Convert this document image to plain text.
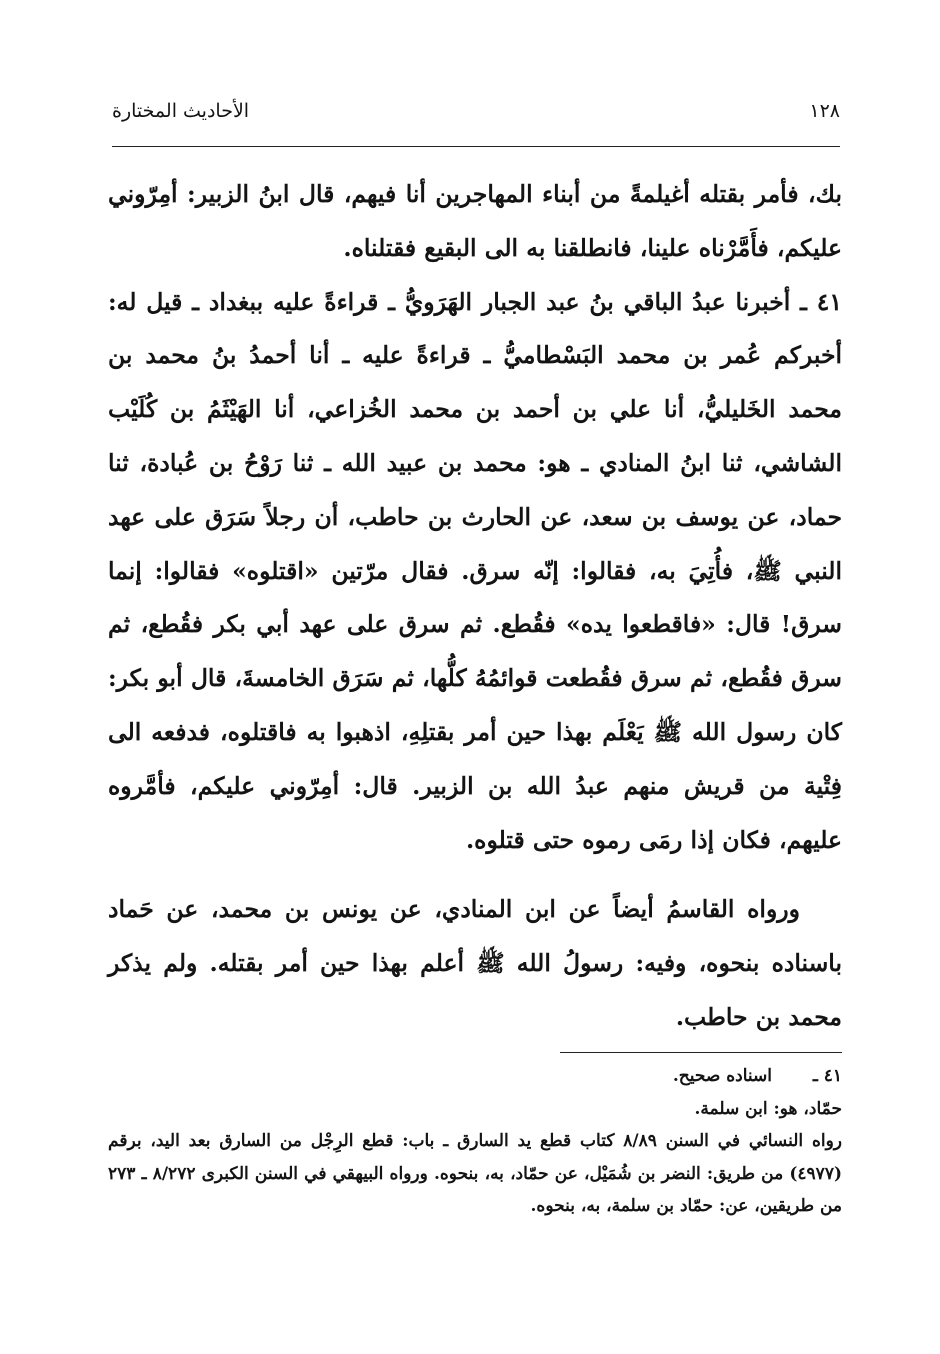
١٢٨
الأحاديث المختارة

بك، فأمر بقتله أغيلمةً من أبناء المهاجرين أنا فيهم، قال ابنُ الزبير: أمِرّوني عليكم، فأَمَّرْناه علينا، فانطلقنا به الى البقيع فقتلناه.

٤١ ـ أخبرنا عبدُ الباقي بنُ عبد الجبار الهَرَويُّ ـ قراءةً عليه ببغداد ـ قيل له: أخبركم عُمر بن محمد البَسْطاميُّ ـ قراءةً عليه ـ أنا أحمدُ بنُ محمد بن محمد الخَليليُّ، أنا علي بن أحمد بن محمد الخُزاعي، أنا الهَيْثَمُ بن كُلَيْب الشاشي، ثنا ابنُ المنادي ـ هو: محمد بن عبيد الله ـ ثنا رَوْحُ بن عُبادة، ثنا حماد، عن يوسف بن سعد، عن الحارث بن حاطب، أن رجلاً سَرَق على عهد النبي ﷺ، فأُتِيَ به، فقالوا: إنّه سرق. فقال مرّتين «اقتلوه» فقالوا: إنما سرق! قال: «فاقطعوا يده» فقُطع. ثم سرق على عهد أبي بكر فقُطع، ثم سرق فقُطع، ثم سرق فقُطعت قوائمُهُ كلُّها، ثم سَرَق الخامسةَ، قال أبو بكر: كان رسول الله ﷺ يَعْلَم بهذا حين أمر بقتلِهِ، اذهبوا به فاقتلوه، فدفعه الى فِتْية من قريش منهم عبدُ الله بن الزبير. قال: أمِرّوني عليكم، فأمَّروه عليهم، فكان إذا رمَى رموه حتى قتلوه.

ورواه القاسمُ أيضاً عن ابن المنادي، عن يونس بن محمد، عن حَماد باسناده بنحوه، وفيه: رسولُ الله ﷺ أعلم بهذا حين أمر بقتله. ولم يذكر محمد بن حاطب.

٤١ ـ
اسناده صحيح.

حمّاد، هو: ابن سلمة.

رواه النسائي في السنن ٨/٨٩ كتاب قطع يد السارق ـ باب: قطع الرِجْل من السارق بعد اليد، برقم (٤٩٧٧) من طريق: النضر بن شُمَيْل، عن حمّاد، به، بنحوه. ورواه البيهقي في السنن الكبرى ٨/٢٧٢ ـ ٢٧٣ من طريقين، عن: حمّاد بن سلمة، به، بنحوه.
